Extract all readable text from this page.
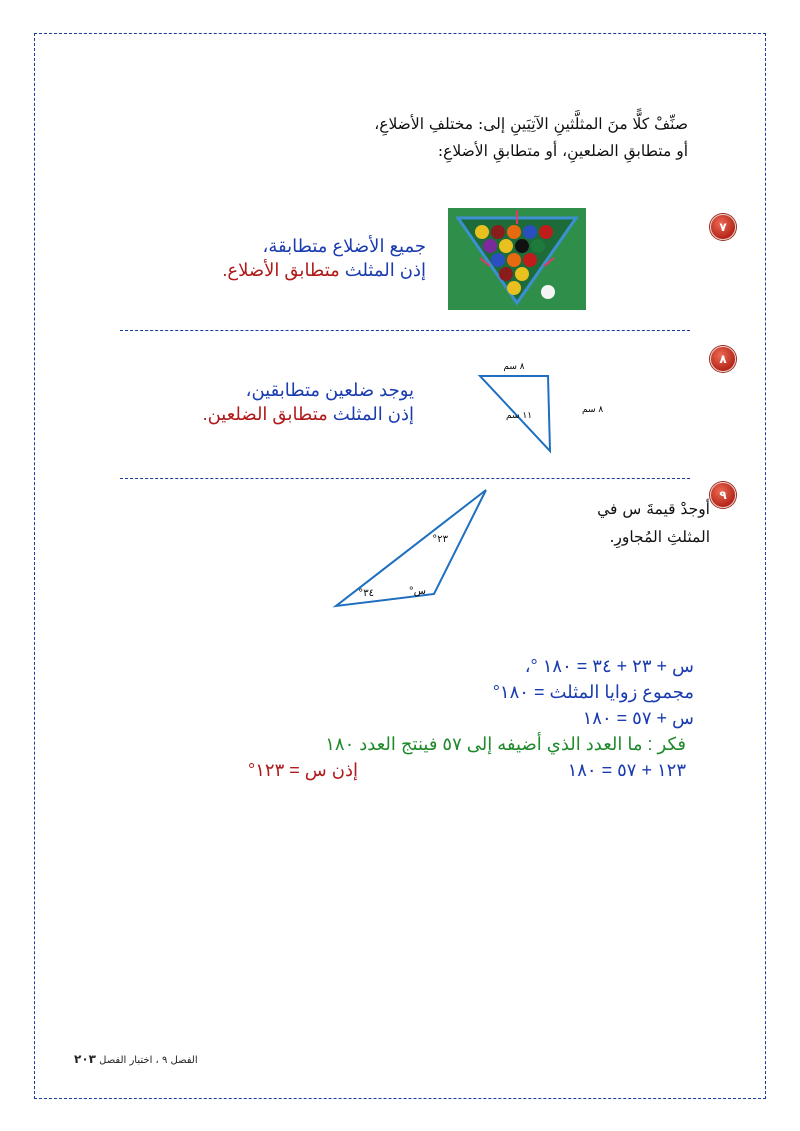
صنِّفْ كلًّا منَ المثلَّثينِ الآتِيَينِ إلى: مختلفِ الأضلاعِ،
أو متطابقِ الضلعينِ، أو متطابقِ الأضلاعِ:
٧
جميع الأضلاع متطابقة،
إذن المثلث متطابق الأضلاع.
٨
٨ سم
٨ سم
١١ سم
يوجد ضلعين متطابقين،
إذن المثلث متطابق الضلعين.
٩
أوجدْ قيمةَ س في
المثلثِ المُجاورِ.
٢٣°
س°
٣٤°
س + ٢٣ + ٣٤ = ١٨٠ °،
مجموع زوايا المثلث = ١٨٠°
س + ٥٧ = ١٨٠
فكر : ما العدد الذي أضيفه إلى ٥٧ فينتج العدد ١٨٠
١٢٣ + ٥٧ = ١٨٠
إذن س = ١٢٣°
الفصل ٩ ، اختبار الفصل ٢٠٣
